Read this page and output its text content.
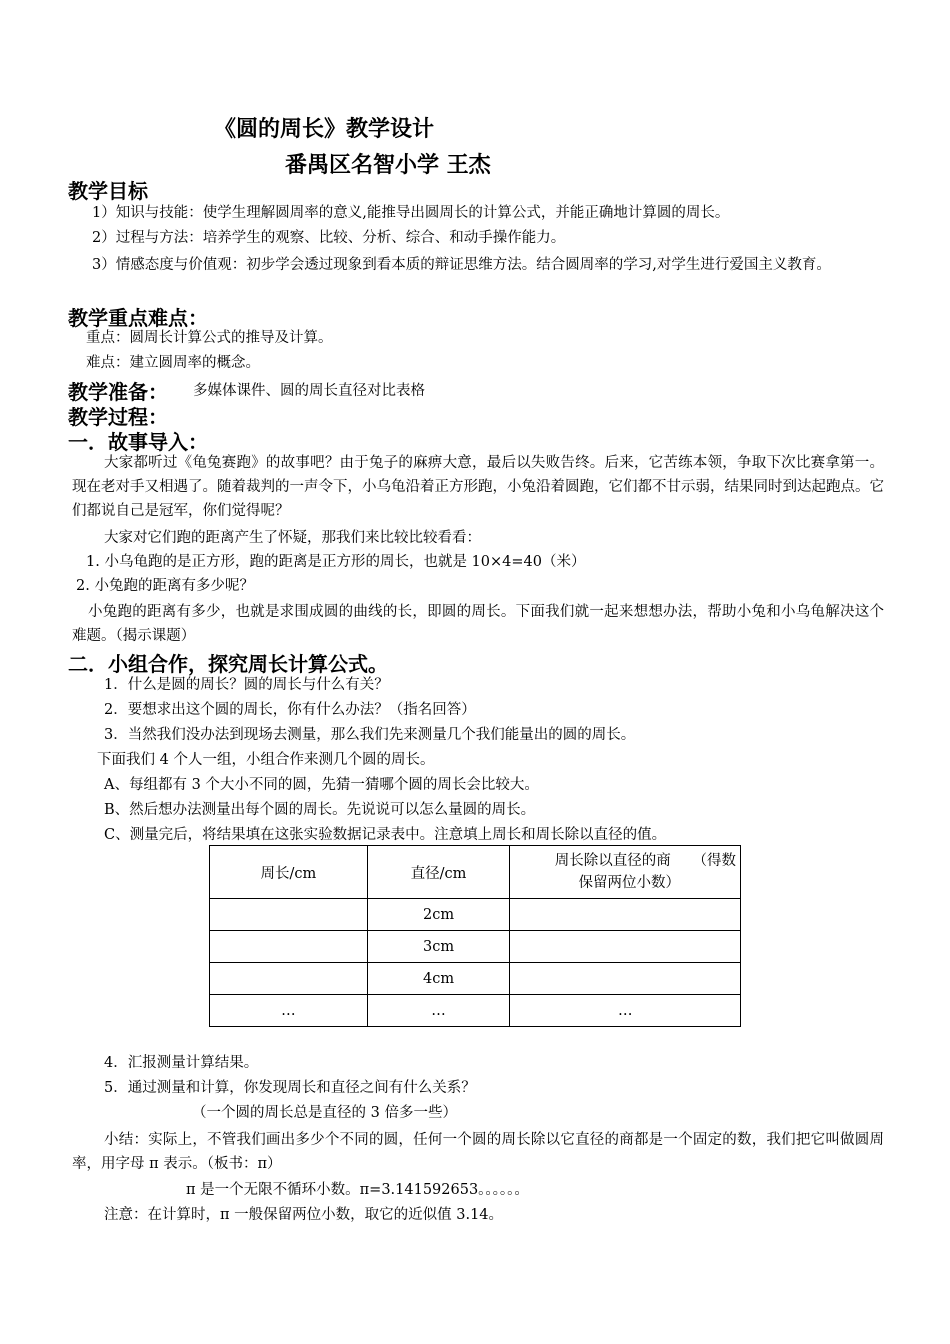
《圆的周长》教学设计
番禺区名智小学 王杰
教学目标
1）知识与技能：使学生理解圆周率的意义,能推导出圆周长的计算公式，并能正确地计算圆的周长。
2）过程与方法：培养学生的观察、比较、分析、综合、和动手操作能力。
3）情感态度与价值观：初步学会透过现象到看本质的辩证思维方法。结合圆周率的学习,对学生进行爱国主义教育。
教学重点难点：
重点：圆周长计算公式的推导及计算。
难点：建立圆周率的概念。
教学准备： 多媒体课件、圆的周长直径对比表格
教学过程：
一．故事导入：
大家都听过《龟兔赛跑》的故事吧？由于兔子的麻痹大意，最后以失败告终。后来，它苦练本领，争取下次比赛拿第一。现在老对手又相遇了。随着裁判的一声令下，小乌龟沿着正方形跑，小兔沿着圆跑，它们都不甘示弱，结果同时到达起跑点。它们都说自己是冠军，你们觉得呢？
大家对它们跑的距离产生了怀疑，那我们来比较比较看看：
1. 小乌龟跑的是正方形，跑的距离是正方形的周长，也就是 10×4=40（米）
2. 小兔跑的距离有多少呢？
小兔跑的距离有多少，也就是求围成圆的曲线的长，即圆的周长。下面我们就一起来想想办法，帮助小兔和小乌龟解决这个难题。（揭示课题）
二．小组合作，探究周长计算公式。
1．什么是圆的周长？圆的周长与什么有关？
2．要想求出这个圆的周长，你有什么办法？（指名回答）
3．当然我们没办法到现场去测量，那么我们先来测量几个我们能量出的圆的周长。
下面我们 4 个人一组，小组合作来测几个圆的周长。
A、每组都有 3 个大小不同的圆，先猜一猜哪个圆的周长会比较大。
B、然后想办法测量出每个圆的周长。先说说可以怎么量圆的周长。
C、测量完后，将结果填在这张实验数据记录表中。注意填上周长和周长除以直径的值。
周长/cm	直径/cm	周长除以直径的商　　（得数
保留两位小数）
	2cm	
	3cm	
	4cm	
…	…	…
4．汇报测量计算结果。
5．通过测量和计算，你发现周长和直径之间有什么关系？
（一个圆的周长总是直径的 3 倍多一些）
小结：实际上，不管我们画出多少个不同的圆，任何一个圆的周长除以它直径的商都是一个固定的数，我们把它叫做圆周率，用字母 π 表示。（板书：π）
π 是一个无限不循环小数。π=3.141592653。。。。。。
注意：在计算时，π 一般保留两位小数，取它的近似值 3.14。
